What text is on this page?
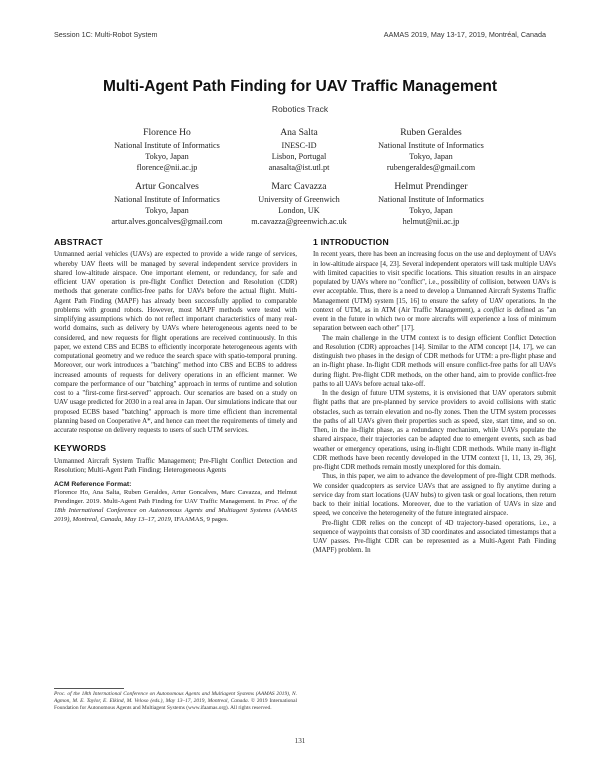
Session 1C: Multi-Robot System	AAMAS 2019, May 13-17, 2019, Montréal, Canada
Multi-Agent Path Finding for UAV Traffic Management
Robotics Track
Florence Ho
National Institute of Informatics
Tokyo, Japan
florence@nii.ac.jp
Ana Salta
INESC-ID
Lisbon, Portugal
anasalta@ist.utl.pt
Ruben Geraldes
National Institute of Informatics
Tokyo, Japan
rubengeraldes@gmail.com
Artur Goncalves
National Institute of Informatics
Tokyo, Japan
artur.alves.goncalves@gmail.com
Marc Cavazza
University of Greenwich
London, UK
m.cavazza@greenwich.ac.uk
Helmut Prendinger
National Institute of Informatics
Tokyo, Japan
helmut@nii.ac.jp
ABSTRACT

Unmanned aerial vehicles (UAVs) are expected to provide a wide range of services, whereby UAV fleets will be managed by several independent service providers in shared low-altitude airspace. One important element, or redundancy, for safe and efficient UAV operation is pre-flight Conflict Detection and Resolution (CDR) methods that generate conflict-free paths for UAVs before the actual flight. Multi-Agent Path Finding (MAPF) has already been successfully applied to comparable problems with ground robots. However, most MAPF methods were tested with simplifying assumptions which do not reflect important characteristics of many real-world domains, such as delivery by UAVs where heterogeneous agents need to be considered, and new requests for flight operations are received continuously. In this paper, we extend CBS and ECBS to efficiently incorporate heterogeneous agents with computational geometry and we reduce the search space with spatio-temporal pruning. Moreover, our work introduces a "batching" method into CBS and ECBS to address increased amounts of requests for delivery operations in an efficient manner. We compare the performance of our "batching" approach in terms of runtime and solution cost to a "first-come first-served" approach. Our scenarios are based on a study on UAV usage predicted for 2030 in a real area in Japan. Our simulations indicate that our proposed ECBS based "batching" approach is more time efficient than incremental planning based on Cooperative A*, and hence can meet the requirements of timely and accurate response on delivery requests to users of such UTM services.

KEYWORDS

Unmanned Aircraft System Traffic Management; Pre-Flight Conflict Detection and Resolution; Multi-Agent Path Finding; Heterogeneous Agents

ACM Reference Format:

Florence Ho, Ana Salta, Ruben Geraldes, Artur Goncalves, Marc Cavazza, and Helmut Prendinger. 2019. Multi-Agent Path Finding for UAV Traffic Management. In Proc. of the 18th International Conference on Autonomous Agents and Multiagent Systems (AAMAS 2019), Montreal, Canada, May 13–17, 2019, IFAAMAS, 9 pages.

Proc. of the 18th International Conference on Autonomous Agents and Multiagent Systems (AAMAS 2019), N. Agmon, M. E. Taylor, E. Elkind, M. Veloso (eds.), May 13–17, 2019, Montreal, Canada. © 2019 International Foundation for Autonomous Agents and Multiagent Systems (www.ifaamas.org). All rights reserved.
1 INTRODUCTION

In recent years, there has been an increasing focus on the use and deployment of UAVs in low-altitude airspace [4, 23]. Several independent operators will task multiple UAVs with limited capacities to visit specific locations. This situation results in an airspace populated by UAVs where no "conflict", i.e., possibility of collision, between UAVs is ever acceptable. Thus, there is a need to develop a Unmanned Aircraft Systems Traffic Management (UTM) system [15, 16] to ensure the safety of UAV operations. In the context of UTM, as in ATM (Air Traffic Management), a conflict is defined as "an event in the future in which two or more aircrafts will experience a loss of minimum separation between each other" [17].

The main challenge in the UTM context is to design efficient Conflict Detection and Resolution (CDR) approaches [14]. Similar to the ATM concept [14, 17], we can distinguish two phases in the design of CDR methods for UTM: a pre-flight phase and an in-flight phase. In-flight CDR methods will ensure conflict-free paths for all UAVs during flight. Pre-flight CDR methods, on the other hand, aim to provide conflict-free paths to all UAVs before actual take-off.

In the design of future UTM systems, it is envisioned that UAV operators submit flight paths that are pre-planned by service providers to avoid collisions with static obstacles, such as terrain elevation and no-fly zones. Then the UTM system processes the paths of all UAVs given their properties such as speed, size, start time, and so on. Then, in the in-flight phase, as a redundancy mechanism, while UAVs populate the shared airspace, their trajectories can be adapted due to emergent events, such as bad weather or emergency operations, using in-flight CDR methods. While many in-flight CDR methods have been recently developed in the UTM context [1, 11, 13, 29, 36], pre-flight CDR methods remain mostly unexplored for this domain.

Thus, in this paper, we aim to advance the development of pre-flight CDR methods. We consider quadcopters as service UAVs that are assigned to fly anytime during a service day from start locations (UAV hubs) to given task or goal locations, then return back to their initial locations. Moreover, due to the variation of UAVs in size and speed, we conceive the heterogeneity of the future integrated airspace.

Pre-flight CDR relies on the concept of 4D trajectory-based operations, i.e., a sequence of waypoints that consists of 3D coordinates and associated timestamps that a UAV passes. Pre-flight CDR can be represented as a Multi-Agent Path Finding (MAPF) problem. In

131
